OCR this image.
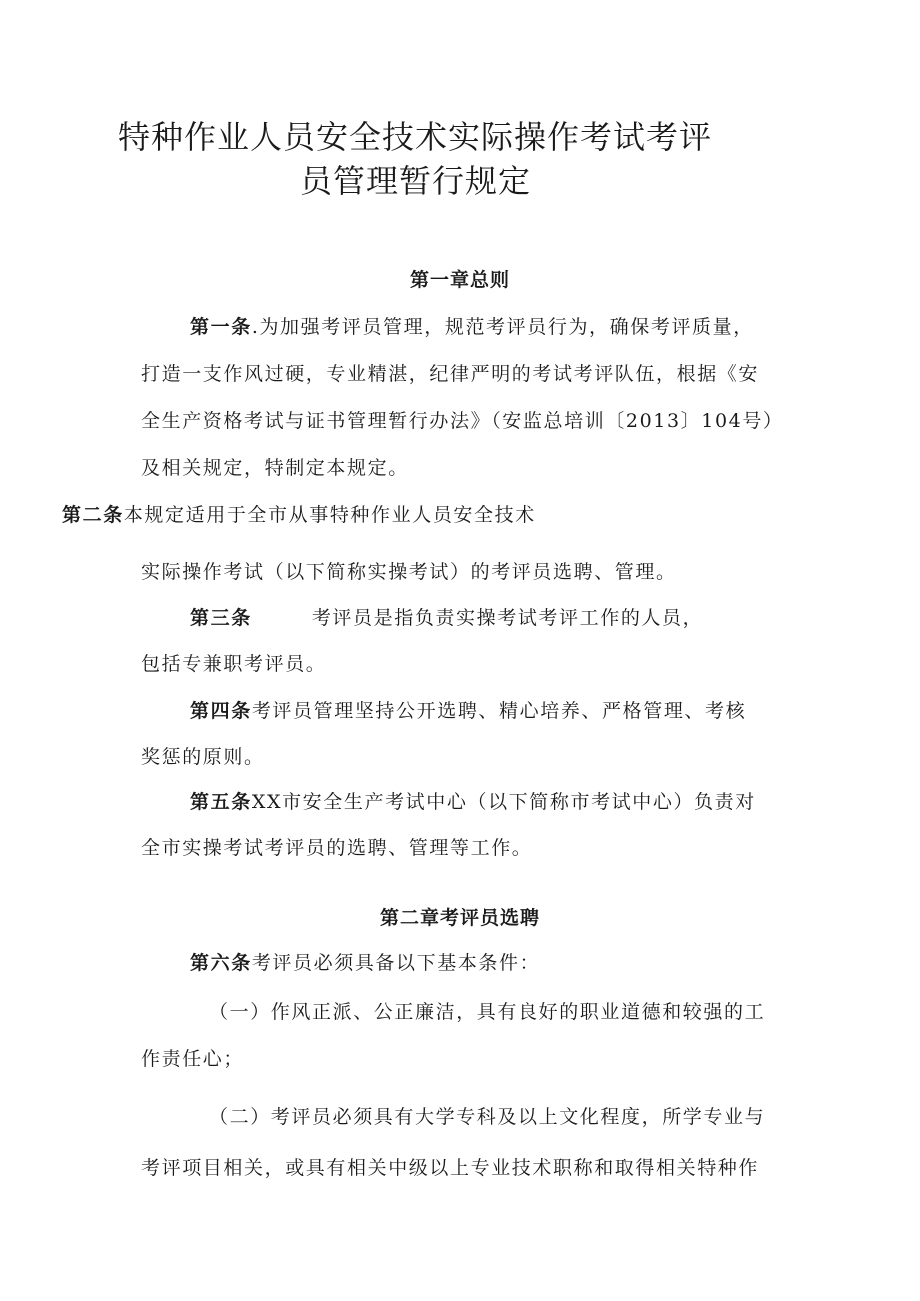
特种作业人员安全技术实际操作考试考评
员管理暂行规定
第一章总则
第一条.为加强考评员管理，规范考评员行为，确保考评质量，
打造一支作风过硬，专业精湛，纪律严明的考试考评队伍，根据《安
全生产资格考试与证书管理暂行办法》（安监总培训〔2013〕104号）
及相关规定，特制定本规定。
第二条本规定适用于全市从事特种作业人员安全技术
实际操作考试（以下简称实操考试）的考评员选聘、管理。
第三条	考评员是指负责实操考试考评工作的人员，
包括专兼职考评员。
第四条考评员管理坚持公开选聘、精心培养、严格管理、考核
奖惩的原则。
第五条XX市安全生产考试中心（以下简称市考试中心）负责对
全市实操考试考评员的选聘、管理等工作。
第二章考评员选聘
第六条考评员必须具备以下基本条件：
（一）作风正派、公正廉洁，具有良好的职业道德和较强的工
作责任心；
（二）考评员必须具有大学专科及以上文化程度，所学专业与
考评项目相关，或具有相关中级以上专业技术职称和取得相关特种作
